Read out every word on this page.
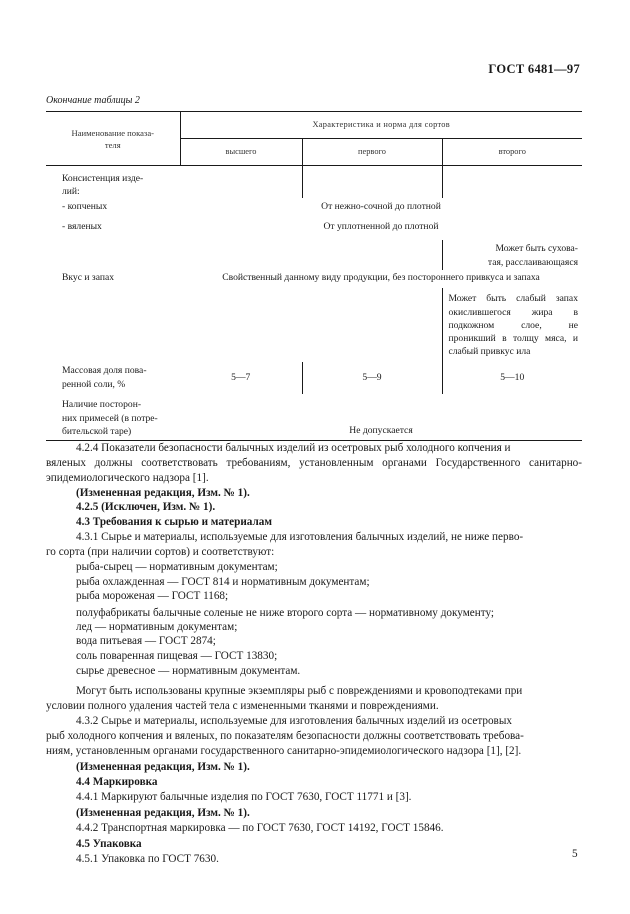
ГОСТ 6481—97
Окончание таблицы 2
Наименование показа-
теля	Характеристика и норма для сортов		
	высшего	первого	второго
Консистенция изде-
лий:			
- копченых	От нежно-сочной до плотной		
- вяленых	От уплотненной до плотной		
			Может быть сухова-
тая, расслаивающаяся
Вкус и запах	Свойственный данному виду продукции, без постороннего привкуса и запаха		
			Может быть слабый запах окислившегося жира в подкожном слое, не проникший в толщу мяса, и слабый привкус ила
Массовая доля пова-
ренной соли, %	5—7	5—9	5—10
Наличие посторон-
них примесей (в потре-
бительской таре)	Не допускается		
4.2.4 Показатели безопасности балычных изделий из осетровых рыб холодного копчения и
вяленых должны соответствовать требованиям, установленным органами Государственного санитарно-эпидемиологического надзора [1].
(Измененная редакция, Изм. № 1).
4.2.5 (Исключен, Изм. № 1).
4.3 Требования к сырью и материалам
4.3.1 Сырье и материалы, используемые для изготовления балычных изделий, не ниже перво-
го сорта (при наличии сортов) и соответствуют:
рыба-сырец — нормативным документам;
рыба охлажденная — ГОСТ 814 и нормативным документам;
рыба мороженая — ГОСТ 1168;
полуфабрикаты балычные соленые не ниже второго сорта — нормативному документу;
лед — нормативным документам;
вода питьевая — ГОСТ 2874;
соль поваренная пищевая — ГОСТ 13830;
сырье древесное — нормативным документам.
Могут быть использованы крупные экземпляры рыб с повреждениями и кровоподтеками при
условии полного удаления частей тела с измененными тканями и повреждениями.
4.3.2 Сырье и материалы, используемые для изготовления балычных изделий из осетровых
рыб холодного копчения и вяленых, по показателям безопасности должны соответствовать требова-
ниям, установленным органами государственного санитарно-эпидемиологического надзора [1], [2].
(Измененная редакция, Изм. № 1).
4.4 Маркировка
4.4.1 Маркируют балычные изделия по ГОСТ 7630, ГОСТ 11771 и [3].
(Измененная редакция, Изм. № 1).
4.4.2 Транспортная маркировка — по ГОСТ 7630, ГОСТ 14192, ГОСТ 15846.
4.5 Упаковка
4.5.1 Упаковка по ГОСТ 7630.	5
